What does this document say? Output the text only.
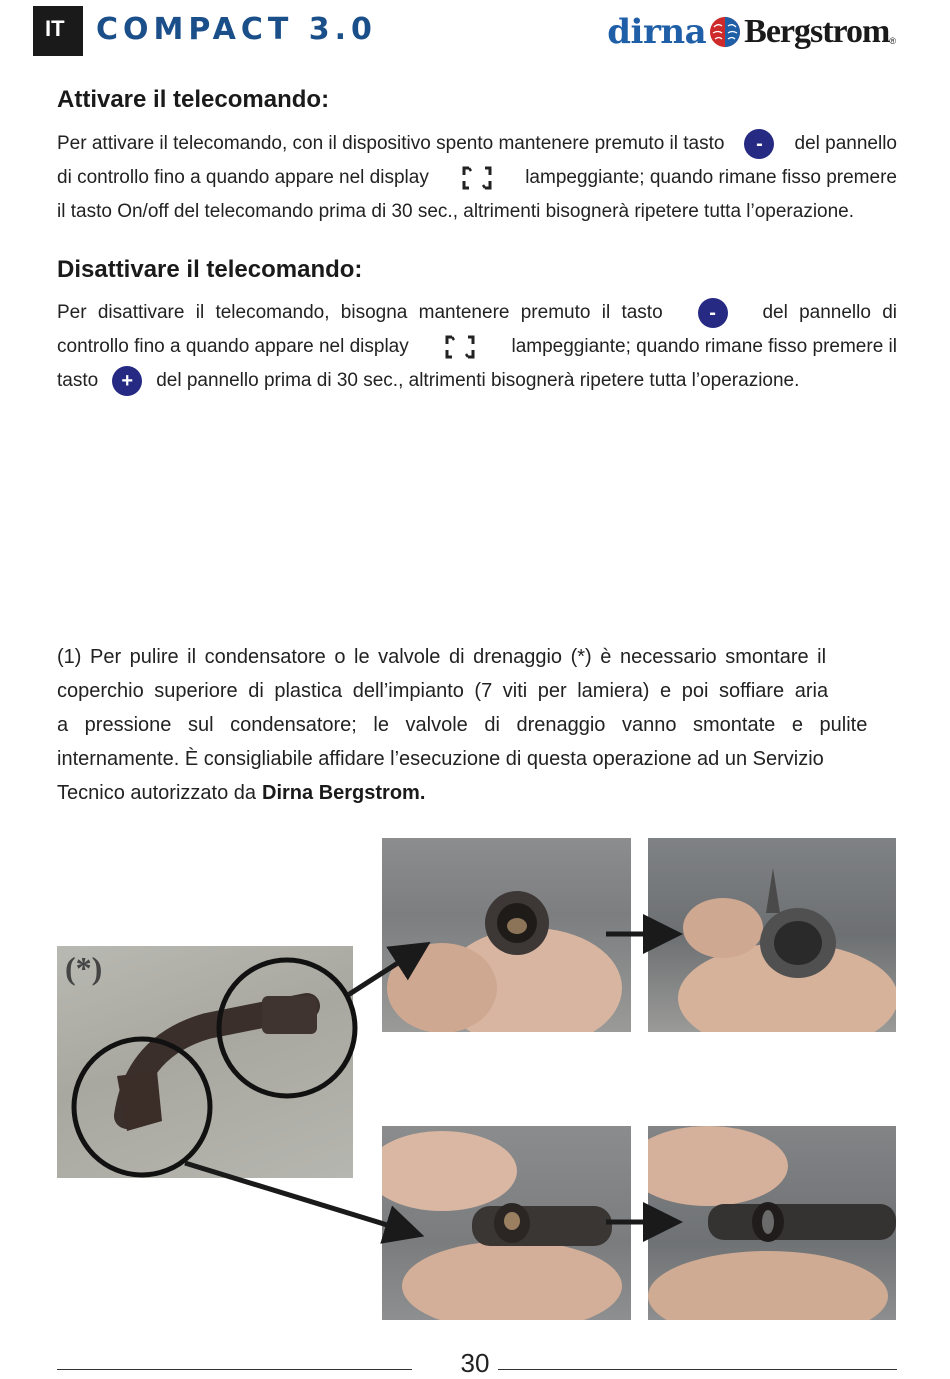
IT COMPACT 3.0	dirna Bergstrom ®
Attivare il telecomando:
Per attivare il telecomando, con il dispositivo spento mantenere premuto il tasto	-	del pannello
di controllo fino a quando appare nel display	lampeggiante; quando rimane fisso premere
il tasto On/off del telecomando prima di 30 sec., altrimenti bisognerà ripetere tutta l’operazione.
Disattivare il telecomando:
Per disattivare il telecomando, bisogna mantenere premuto il tasto	-	del pannello di
controllo fino a quando appare nel display	lampeggiante; quando rimane fisso premere il
tasto	+	del pannello prima di 30 sec., altrimenti bisognerà ripetere tutta l’operazione.
(1) Per pulire il condensatore o le valvole di drenaggio (*) è necessario smontare il
coperchio superiore di plastica dell’impianto (7 viti per lamiera) e poi soffiare aria
a pressione sul condensatore; le valvole di drenaggio vanno smontate e pulite
internamente. È consigliabile affidare l’esecuzione di questa operazione ad un Servizio
Tecnico autorizzato da Dirna Bergstrom.
(*)
30
